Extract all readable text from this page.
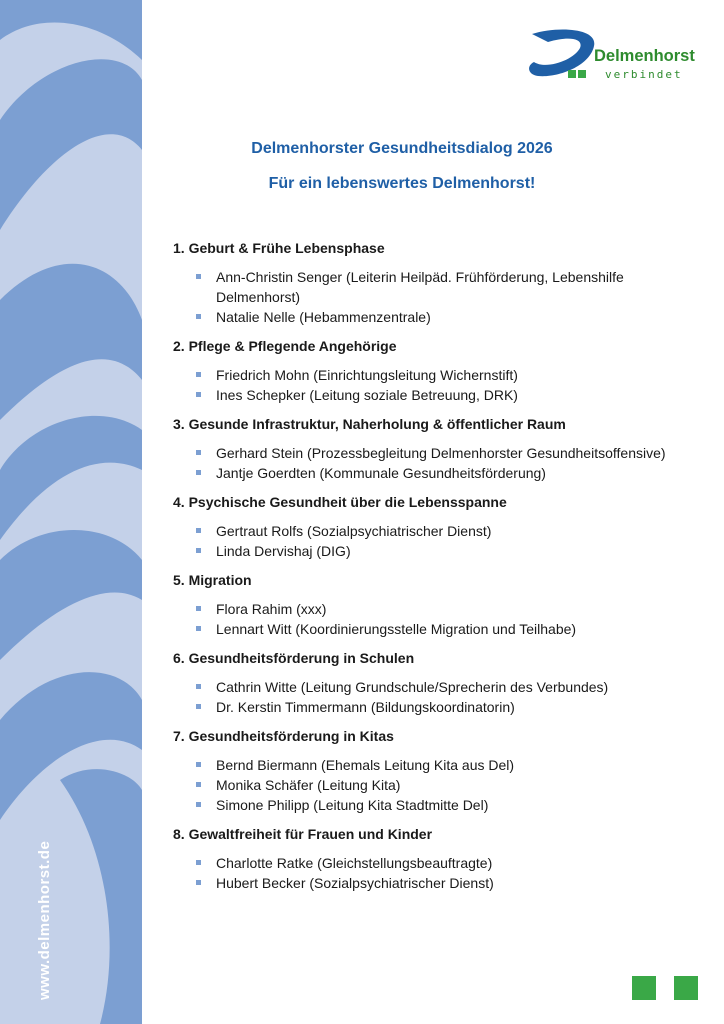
www.delmenhorst.de
Delmenhorst
verbindet
Delmenhorster Gesundheitsdialog 2026
Für ein lebenswertes Delmenhorst!
1. Geburt & Frühe Lebensphase
Ann-Christin Senger (Leiterin Heilpäd. Frühförderung, Lebenshilfe Delmenhorst)
Natalie Nelle (Hebammenzentrale)
2. Pflege & Pflegende Angehörige
Friedrich Mohn (Einrichtungsleitung Wichernstift)
Ines Schepker (Leitung soziale Betreuung, DRK)
3. Gesunde Infrastruktur, Naherholung & öffentlicher Raum
Gerhard Stein (Prozessbegleitung Delmenhorster Gesundheitsoffensive)
Jantje Goerdten (Kommunale Gesundheitsförderung)
4. Psychische Gesundheit über die Lebensspanne
Gertraut Rolfs (Sozialpsychiatrischer Dienst)
Linda Dervishaj (DIG)
5. Migration
Flora Rahim (xxx)
Lennart Witt (Koordinierungsstelle Migration und Teilhabe)
6. Gesundheitsförderung in Schulen
Cathrin Witte (Leitung Grundschule/Sprecherin des Verbundes)
Dr. Kerstin Timmermann (Bildungskoordinatorin)
7. Gesundheitsförderung in Kitas
Bernd Biermann (Ehemals Leitung Kita aus Del)
Monika Schäfer (Leitung Kita)
Simone Philipp (Leitung Kita Stadtmitte Del)
8. Gewaltfreiheit für Frauen und Kinder
Charlotte Ratke (Gleichstellungsbeauftragte)
Hubert Becker (Sozialpsychiatrischer Dienst)
